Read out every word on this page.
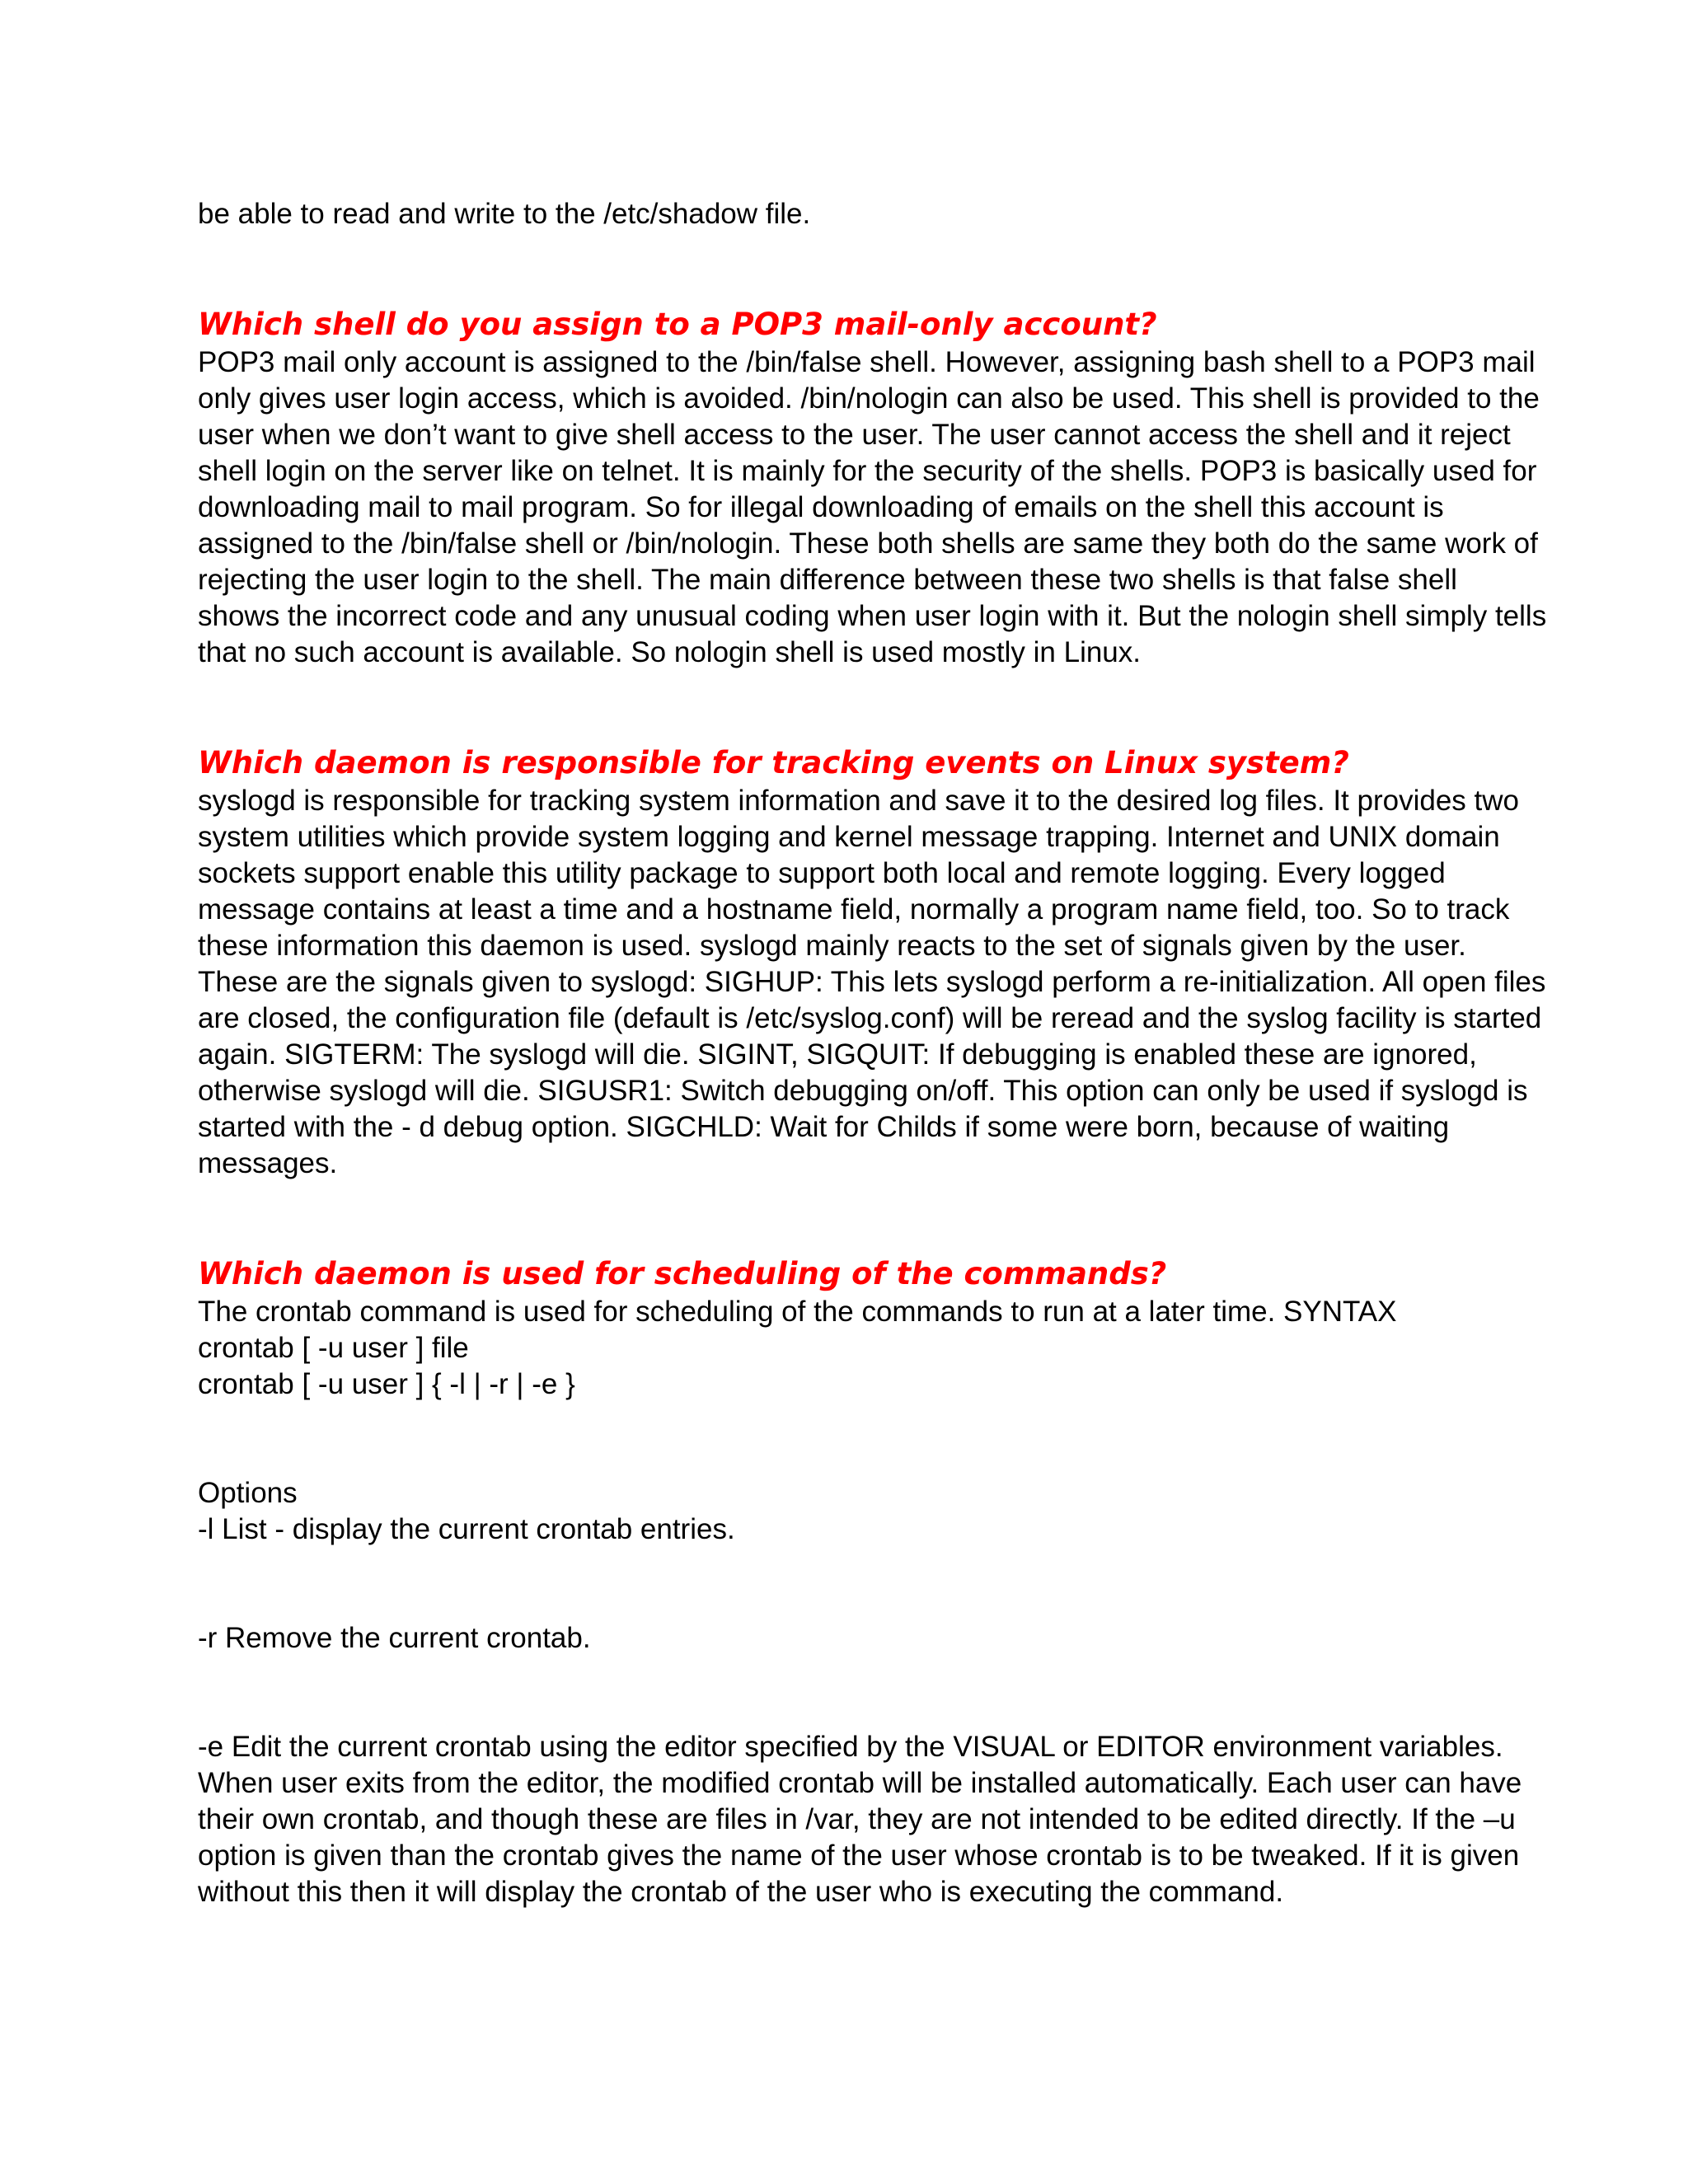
be able to read and write to the /etc/shadow file.

Which shell do you assign to a POP3 mail-only account?

POP3 mail only account is assigned to the /bin/false shell. However, assigning bash shell to a POP3 mail
only gives user login access, which is avoided. /bin/nologin can also be used. This shell is provided to the
user when we don’t want to give shell access to the user. The user cannot access the shell and it reject
shell login on the server like on telnet. It is mainly for the security of the shells. POP3 is basically used for
downloading mail to mail program. So for illegal downloading of emails on the shell this account is
assigned to the /bin/false shell or /bin/nologin. These both shells are same they both do the same work of
rejecting the user login to the shell. The main difference between these two shells is that false shell
shows the incorrect code and any unusual coding when user login with it. But the nologin shell simply tells
that no such account is available. So nologin shell is used mostly in Linux.

Which daemon is responsible for tracking events on Linux system?

syslogd is responsible for tracking system information and save it to the desired log files. It provides two
system utilities which provide system logging and kernel message trapping. Internet and UNIX domain
sockets support enable this utility package to support both local and remote logging. Every logged
message contains at least a time and a hostname field, normally a program name field, too. So to track
these information this daemon is used. syslogd mainly reacts to the set of signals given by the user.
These are the signals given to syslogd: SIGHUP: This lets syslogd perform a re-initialization. All open files
are closed, the configuration file (default is /etc/syslog.conf) will be reread and the syslog facility is started
again. SIGTERM: The syslogd will die. SIGINT, SIGQUIT: If debugging is enabled these are ignored,
otherwise syslogd will die. SIGUSR1: Switch debugging on/off. This option can only be used if syslogd is
started with the - d debug option. SIGCHLD: Wait for Childs if some were born, because of waiting
messages.

Which daemon is used for scheduling of the commands?

The crontab command is used for scheduling of the commands to run at a later time. SYNTAX
crontab [ -u user ] file
crontab [ -u user ] { -l | -r | -e }

Options
-l List - display the current crontab entries.

-r Remove the current crontab.

-e Edit the current crontab using the editor specified by the VISUAL or EDITOR environment variables.
When user exits from the editor, the modified crontab will be installed automatically. Each user can have
their own crontab, and though these are files in /var, they are not intended to be edited directly. If the –u
option is given than the crontab gives the name of the user whose crontab is to be tweaked. If it is given
without this then it will display the crontab of the user who is executing the command.
